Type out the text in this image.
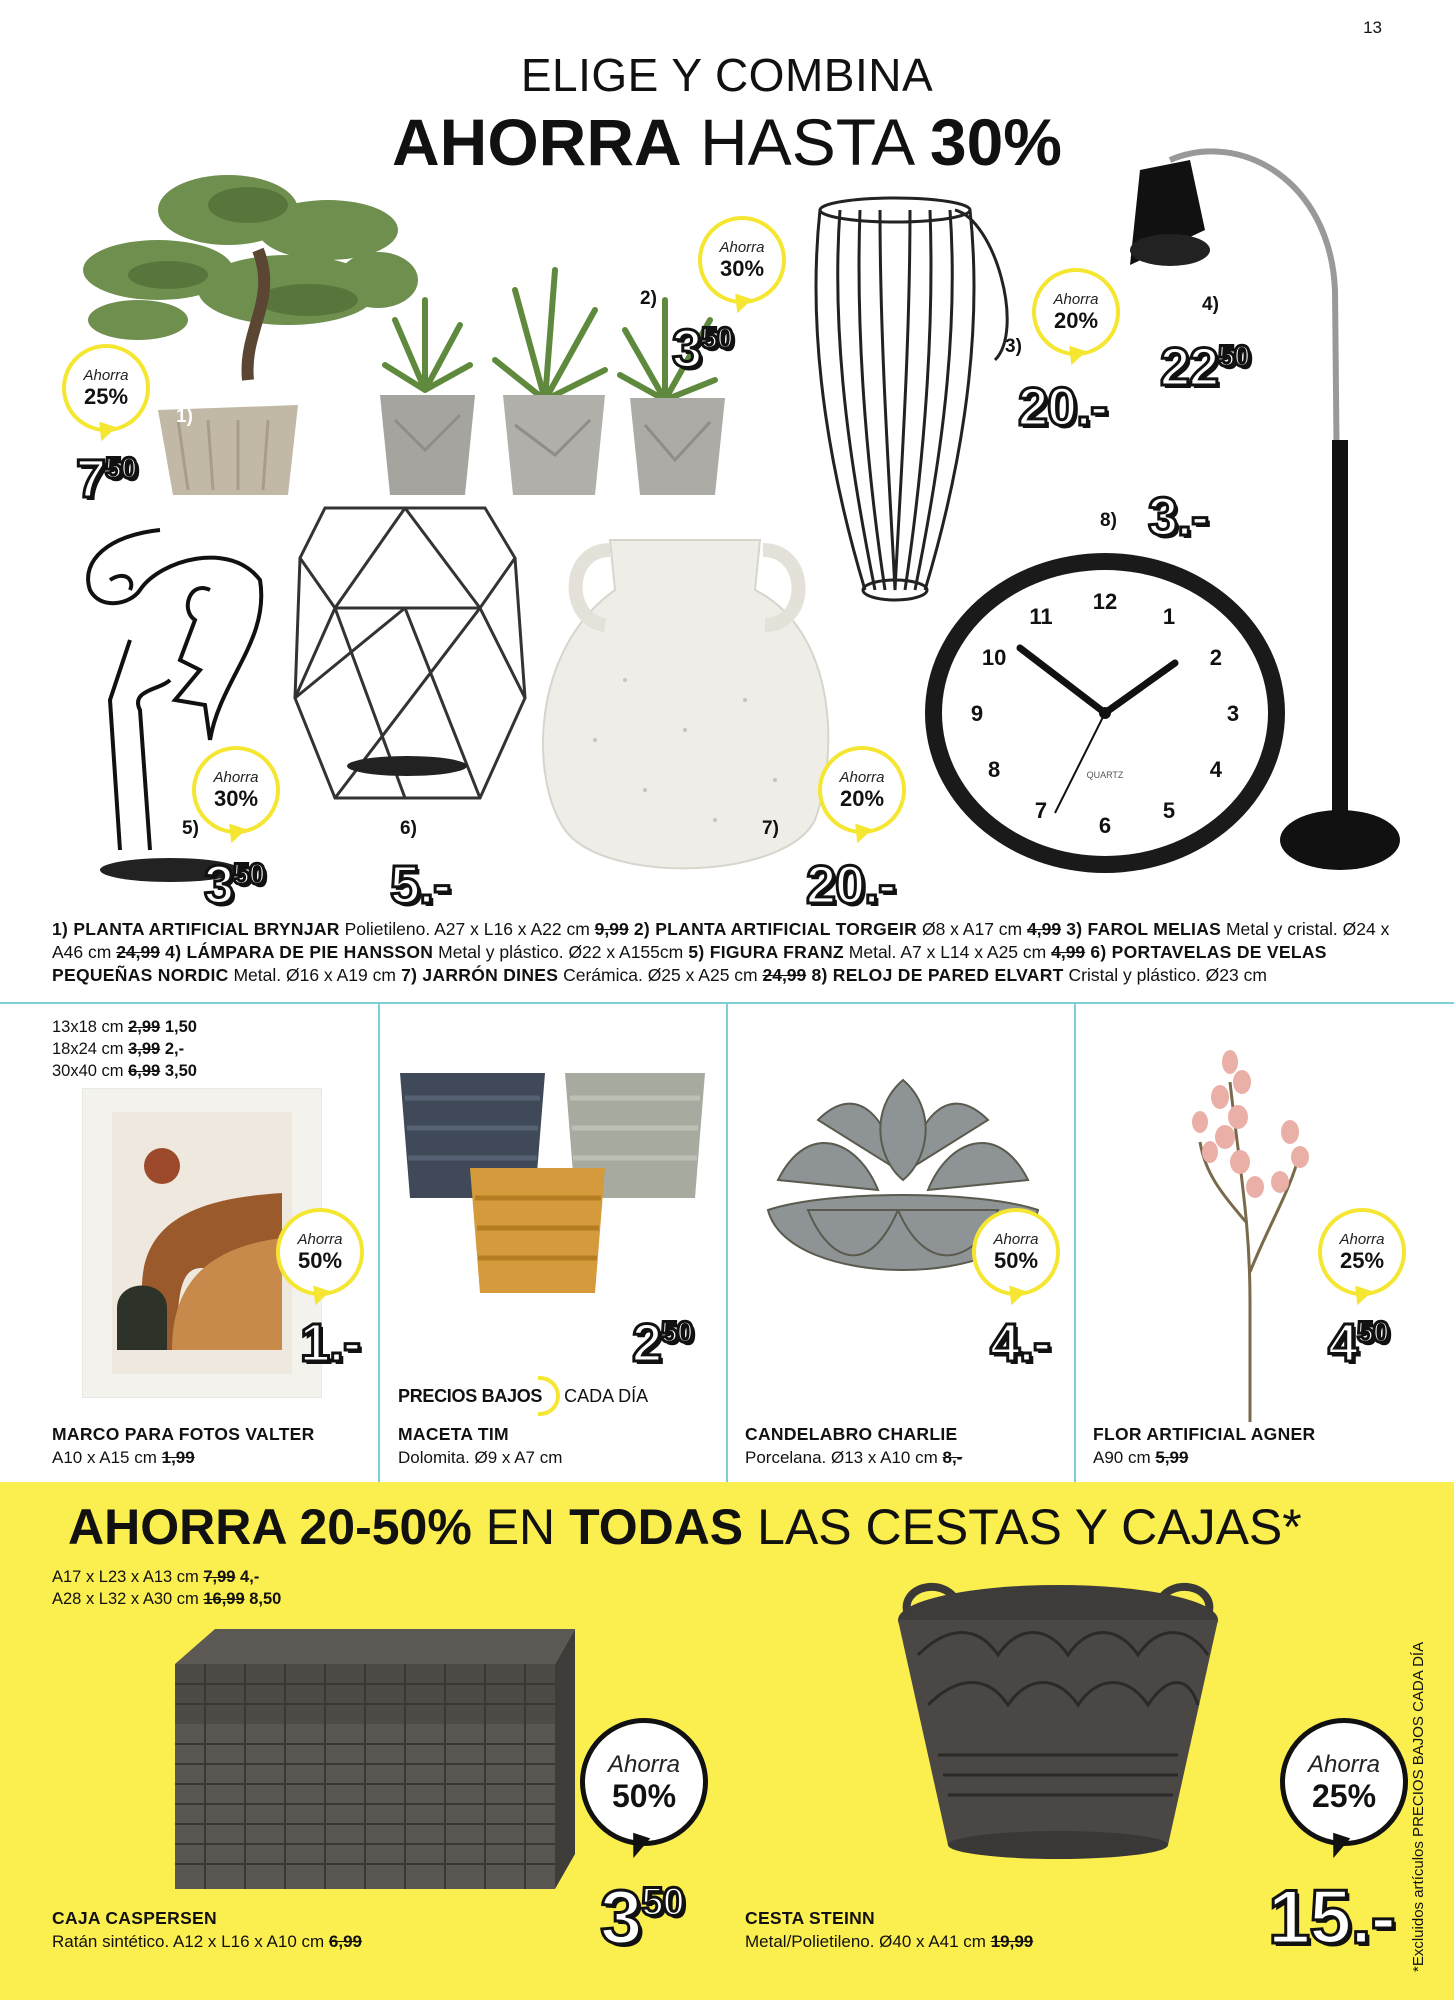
13
ELIGE Y COMBINA
AHORRA HASTA 30%
1)
2)
3)
4)
5)	6)	7)
12
1
2
3
4
5
6
7
8
9
10
11
QUARTZ
8)
Ahorra
25%
Ahorra
30%
Ahorra
20%
Ahorra
30%
Ahorra
20%
$7^{50}$
$3^{50}$
20.-
$22^{50}$
$3^{50}$ 5.-	20.-
3.-
1) PLANTA ARTIFICIAL BRYNJAR Polietileno. A27 x L16 x A22 cm 9,99 2) PLANTA ARTIFICIAL TORGEIR Ø8 x A17 cm 4,99 3) FAROL MELIAS Metal y cristal. Ø24 x A46 cm 24,99 4) LÁMPARA DE PIE HANSSON Metal y plástico. Ø22 x A155cm 5) FIGURA FRANZ Metal. A7 x L14 x A25 cm 4,99 6) PORTAVELAS DE VELAS PEQUEÑAS NORDIC Metal. Ø16 x A19 cm 7) JARRÓN DINES Cerámica. Ø25 x A25 cm 24,99 8) RELOJ DE PARED ELVART Cristal y plástico. Ø23 cm
13x18 cm 2,99 1,50
18x24 cm 3,99 2,-
30x40 cm 6,99 3,50
Ahorra
50%
Ahorra
50%
Ahorra
25%
1.-	$2^{50}$	4.-	$4^{50}$
PRECIOS BAJOS CADA DÍA
MARCO PARA FOTOS VALTER
A10 x A15 cm 1,99
MACETA TIM
Dolomita. Ø9 x A7 cm
CANDELABRO CHARLIE
Porcelana. Ø13 x A10 cm 8,-
FLOR ARTIFICIAL AGNER
A90 cm 5,99
AHORRA 20-50% EN TODAS LAS CESTAS Y CAJAS*
A17 x L23 x A13 cm 7,99 4,-
A28 x L32 x A30 cm 16,99 8,50
Ahorra
50%
Ahorra
25%
$3^{50}$	15.-
CAJA CASPERSEN
Ratán sintético. A12 x L16 x A10 cm 6,99
CESTA STEINN
Metal/Polietileno. Ø40 x A41 cm 19,99	*Excluidos artículos PRECIOS BAJOS CADA DÍA
